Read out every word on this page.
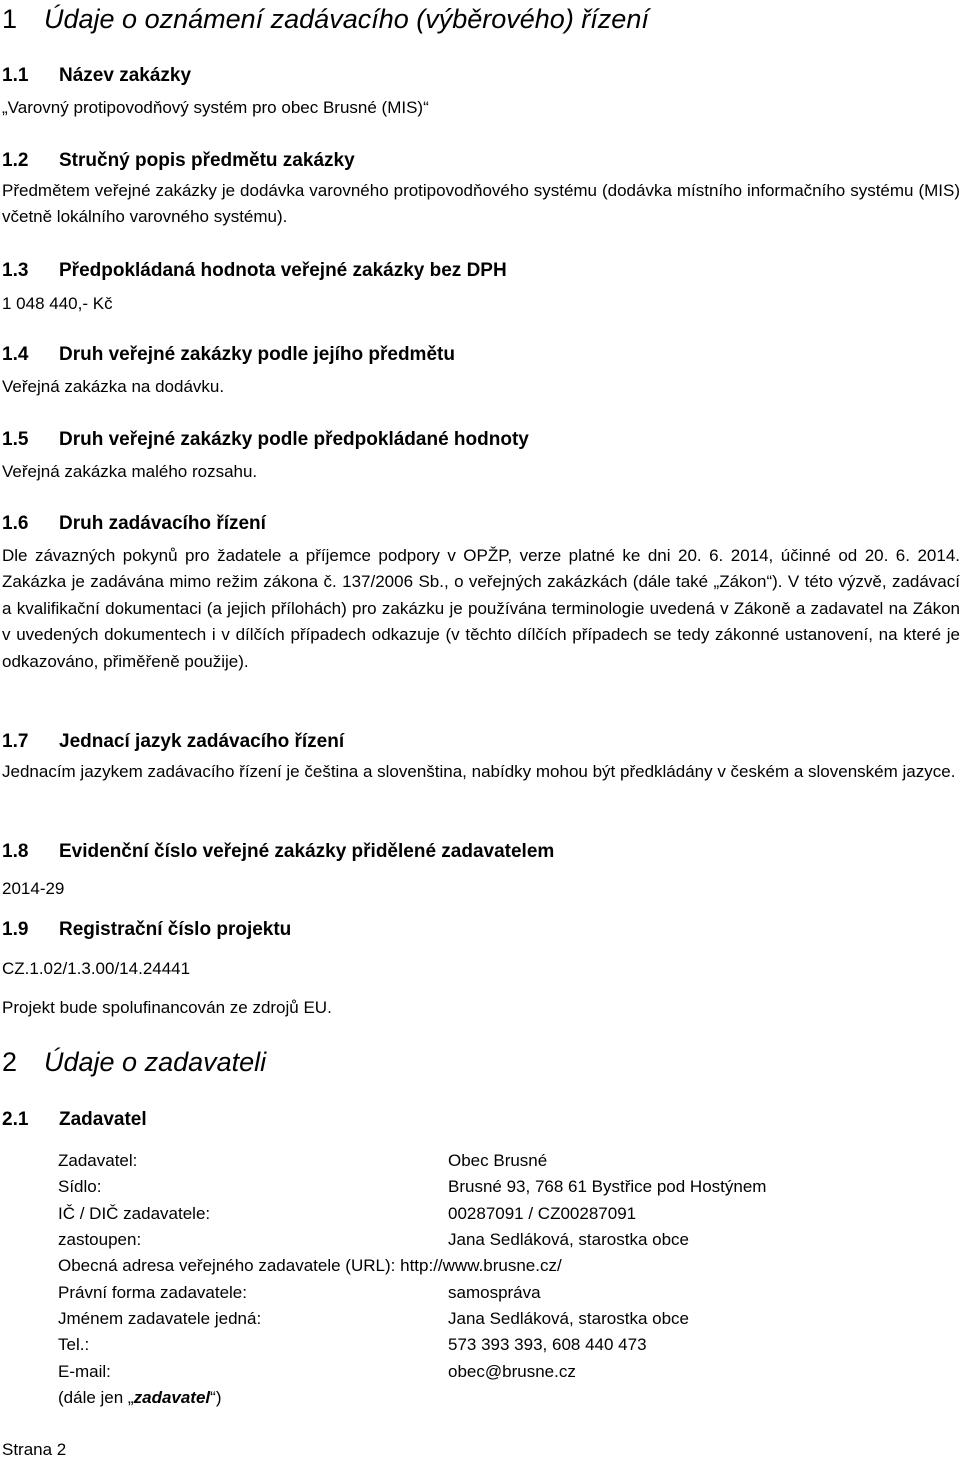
1 Údaje o oznámení zadávacího (výběrového) řízení
1.1 Název zakázky
„Varovný protipovodňový systém pro obec Brusné (MIS)“
1.2 Stručný popis předmětu zakázky

Předmětem veřejné zakázky je dodávka varovného protipovodňového systému (dodávka místního informačního systému (MIS) včetně lokálního varovného systému).

1.3 Předpokládaná hodnota veřejné zakázky bez DPH
1 048 440,- Kč
1.4 Druh veřejné zakázky podle jejího předmětu
Veřejná zakázka na dodávku.
1.5 Druh veřejné zakázky podle předpokládané hodnoty
Veřejná zakázka malého rozsahu.
1.6 Druh zadávacího řízení

Dle závazných pokynů pro žadatele a příjemce podpory v OPŽP, verze platné ke dni 20. 6. 2014, účinné od 20. 6. 2014. Zakázka je zadávána mimo režim zákona č. 137/2006 Sb., o veřejných zakázkách (dále také „Zákon“). V této výzvě, zadávací a kvalifikační dokumentaci (a jejich přílohách) pro zakázku je používána terminologie uvedená v Zákoně a zadavatel na Zákon v uvedených dokumentech i v dílčích případech odkazuje (v těchto dílčích případech se tedy zákonné ustanovení, na které je odkazováno, přiměřeně použije).

1.7 Jednací jazyk zadávacího řízení

Jednacím jazykem zadávacího řízení je čeština a slovenština, nabídky mohou být předkládány v českém a slovenském jazyce.

1.8 Evidenční číslo veřejné zakázky přidělené zadavatelem
2014-29
1.9 Registrační číslo projektu
CZ.1.02/1.3.00/14.24441
Projekt bude spolufinancován ze zdrojů EU.
2 Údaje o zadavateli
2.1 Zadavatel
Zadavatel:	Obec Brusné
Sídlo:	Brusné 93, 768 61 Bystřice pod Hostýnem
IČ / DIČ zadavatele:	00287091 / CZ00287091
zastoupen:	Jana Sedláková, starostka obce
Obecná adresa veřejného zadavatele (URL): http://www.brusne.cz/	
Právní forma zadavatele:	samospráva
Jménem zadavatele jedná:	Jana Sedláková, starostka obce
Tel.:	573 393 393, 608 440 473
E-mail:	obec@brusne.cz
(dále jen „zadavatel“)	
Strana 2
